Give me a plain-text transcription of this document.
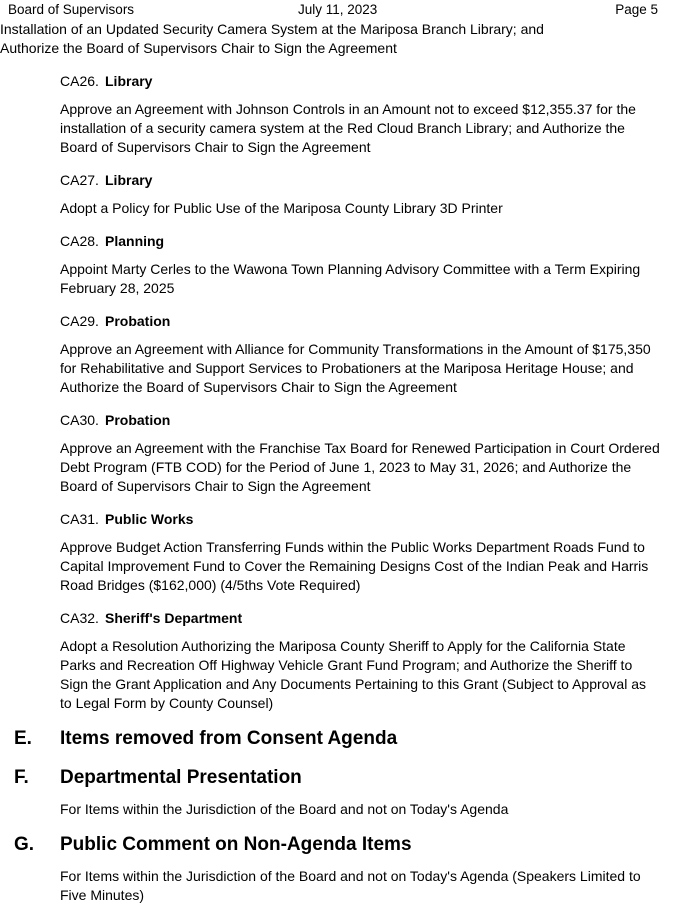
Board of Supervisors	July 11, 2023	Page 5

Installation of an Updated Security Camera System at the Mariposa Branch Library; and Authorize the Board of Supervisors Chair to Sign the Agreement

CA26. Library

Approve an Agreement with Johnson Controls in an Amount not to exceed $12,355.37 for the installation of a security camera system at the Red Cloud Branch Library; and Authorize the Board of Supervisors Chair to Sign the Agreement

CA27. Library

Adopt a Policy for Public Use of the Mariposa County Library 3D Printer

CA28. Planning

Appoint Marty Cerles to the Wawona Town Planning Advisory Committee with a Term Expiring February 28, 2025

CA29. Probation

Approve an Agreement with Alliance for Community Transformations in the Amount of $175,350 for Rehabilitative and Support Services to Probationers at the Mariposa Heritage House; and Authorize the Board of Supervisors Chair to Sign the Agreement

CA30. Probation

Approve an Agreement with the Franchise Tax Board for Renewed Participation in Court Ordered Debt Program (FTB COD) for the Period of June 1, 2023 to May 31, 2026; and Authorize the Board of Supervisors Chair to Sign the Agreement

CA31. Public Works

Approve Budget Action Transferring Funds within the Public Works Department Roads Fund to Capital Improvement Fund to Cover the Remaining Designs Cost of the Indian Peak and Harris Road Bridges ($162,000) (4/5ths Vote Required)

CA32. Sheriff's Department

Adopt a Resolution Authorizing the Mariposa County Sheriff to Apply for the California State Parks and Recreation Off Highway Vehicle Grant Fund Program; and Authorize the Sheriff to Sign the Grant Application and Any Documents Pertaining to this Grant (Subject to Approval as to Legal Form by County Counsel)

E. Items removed from Consent Agenda
F. Departmental Presentation

For Items within the Jurisdiction of the Board and not on Today's Agenda

G. Public Comment on Non-Agenda Items

For Items within the Jurisdiction of the Board and not on Today's Agenda (Speakers Limited to Five Minutes)
